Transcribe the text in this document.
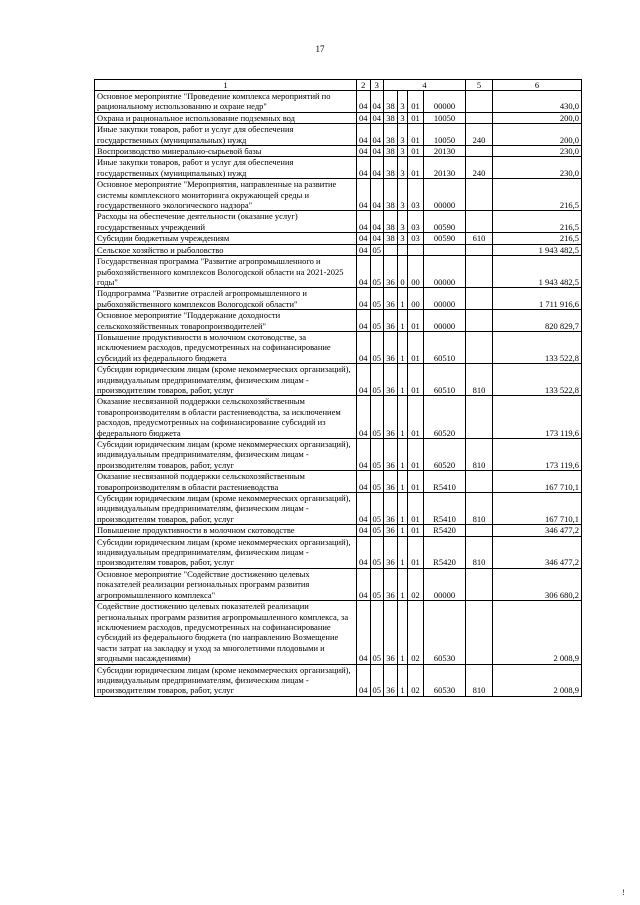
17
1	2	3	4				5	6
Основное мероприятие "Проведение комплекса мероприятий по рациональному использованию и охране недр"	04	04	38	3	01	00000		430,0
Охрана и рациональное использование подземных вод	04	04	38	3	01	10050		200,0
Иные закупки товаров, работ и услуг для обеспечения государственных (муниципальных) нужд	04	04	38	3	01	10050	240	200,0
Воспроизводство минерально-сырьевой базы	04	04	38	3	01	20130		230,0
Иные закупки товаров, работ и услуг для обеспечения государственных (муниципальных) нужд	04	04	38	3	01	20130	240	230,0
Основное мероприятие "Мероприятия, направленные на развитие системы комплексного мониторинга окружающей среды и государственного экологического надзора"	04	04	38	3	03	00000		216,5
Расходы на обеспечение деятельности (оказание услуг) государственных учреждений	04	04	38	3	03	00590		216,5
Субсидии бюджетным учреждениям	04	04	38	3	03	00590	610	216,5
Сельское хозяйство и рыболовство	04	05						1 943 482,5
Государственная программа "Развитие агропромышленного и рыбохозяйственного комплексов Вологодской области на 2021-2025 годы"	04	05	36	0	00	00000		1 943 482,5
Подпрограмма "Развитие отраслей агропромышленного и рыбохозяйственного комплексов Вологодской области"	04	05	36	1	00	00000		1 711 916,6
Основное мероприятие "Поддержание доходности сельскохозяйственных товаропроизводителей"	04	05	36	1	01	00000		820 829,7
Повышение продуктивности в молочном скотоводстве, за исключением расходов, предусмотренных на софинансирование субсидий из федерального бюджета	04	05	36	1	01	60510		133 522,8
Субсидии юридическим лицам (кроме некоммерческих организаций), индивидуальным предпринимателям, физическим лицам - производителям товаров, работ, услуг	04	05	36	1	01	60510	810	133 522,8
Оказание несвязанной поддержки сельскохозяйственным товаропроизводителям в области растениеводства, за исключением расходов, предусмотренных на софинансирование субсидий из федерального бюджета	04	05	36	1	01	60520		173 119,6
Субсидии юридическим лицам (кроме некоммерческих организаций), индивидуальным предпринимателям, физическим лицам - производителям товаров, работ, услуг	04	05	36	1	01	60520	810	173 119,6
Оказание несвязанной поддержки сельскохозяйственным товаропроизводителям в области растениеводства	04	05	36	1	01	R5410		167 710,1
Субсидии юридическим лицам (кроме некоммерческих организаций), индивидуальным предпринимателям, физическим лицам - производителям товаров, работ, услуг	04	05	36	1	01	R5410	810	167 710,1
Повышение продуктивности в молочном скотоводстве	04	05	36	1	01	R5420		346 477,2
Субсидии юридическим лицам (кроме некоммерческих организаций), индивидуальным предпринимателям, физическим лицам - производителям товаров, работ, услуг	04	05	36	1	01	R5420	810	346 477,2
Основное мероприятие "Содействие достижению целевых показателей реализации региональных программ развития агропромышленного комплекса"	04	05	36	1	02	00000		306 680,2
Содействие достижению целевых показателей реализации региональных программ развития агропромышленного комплекса, за исключением расходов, предусмотренных на софинансирование субсидий из федерального бюджета (по направлению Возмещение части затрат на закладку и уход за многолетними плодовыми и ягодными насаждениями)	04	05	36	1	02	60530		2 008,9
Субсидии юридическим лицам (кроме некоммерческих организаций), индивидуальным предпринимателям, физическим лицам - производителям товаров, работ, услуг	04	05	36	1	02	60530	810	2 008,9
!
